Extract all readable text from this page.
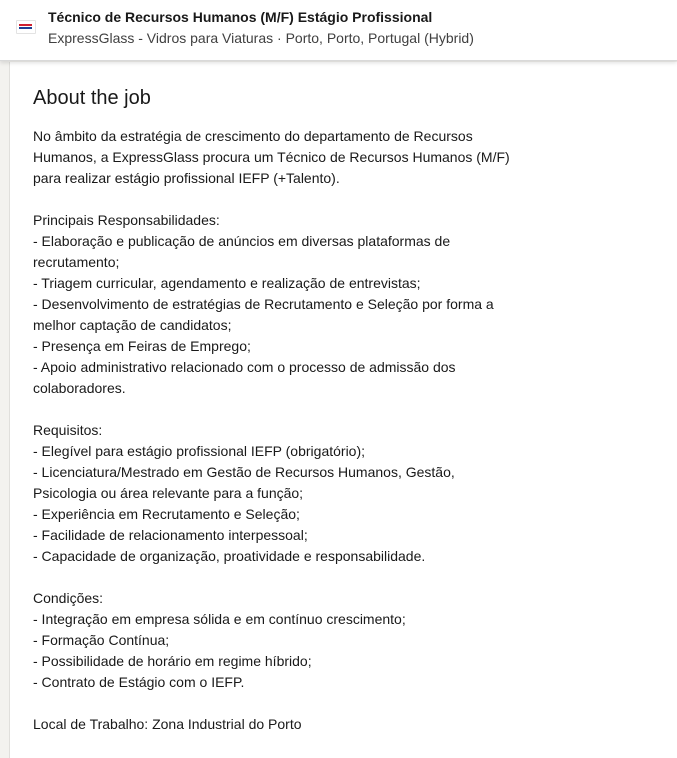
Técnico de Recursos Humanos (M/F) Estágio Profissional
ExpressGlass - Vidros para Viaturas · Porto, Porto, Portugal (Hybrid)
About the job
No âmbito da estratégia de crescimento do departamento de Recursos
Humanos, a ExpressGlass procura um Técnico de Recursos Humanos (M/F)
para realizar estágio profissional IEFP (+Talento).
Principais Responsabilidades:
- Elaboração e publicação de anúncios em diversas plataformas de
recrutamento;
- Triagem curricular, agendamento e realização de entrevistas;
- Desenvolvimento de estratégias de Recrutamento e Seleção por forma a
melhor captação de candidatos;
- Presença em Feiras de Emprego;
- Apoio administrativo relacionado com o processo de admissão dos
colaboradores.
Requisitos:
- Elegível para estágio profissional IEFP (obrigatório);
- Licenciatura/Mestrado em Gestão de Recursos Humanos, Gestão,
Psicologia ou área relevante para a função;
- Experiência em Recrutamento e Seleção;
- Facilidade de relacionamento interpessoal;
- Capacidade de organização, proatividade e responsabilidade.
Condições:
- Integração em empresa sólida e em contínuo crescimento;
- Formação Contínua;
- Possibilidade de horário em regime híbrido;
- Contrato de Estágio com o IEFP.
Local de Trabalho: Zona Industrial do Porto
